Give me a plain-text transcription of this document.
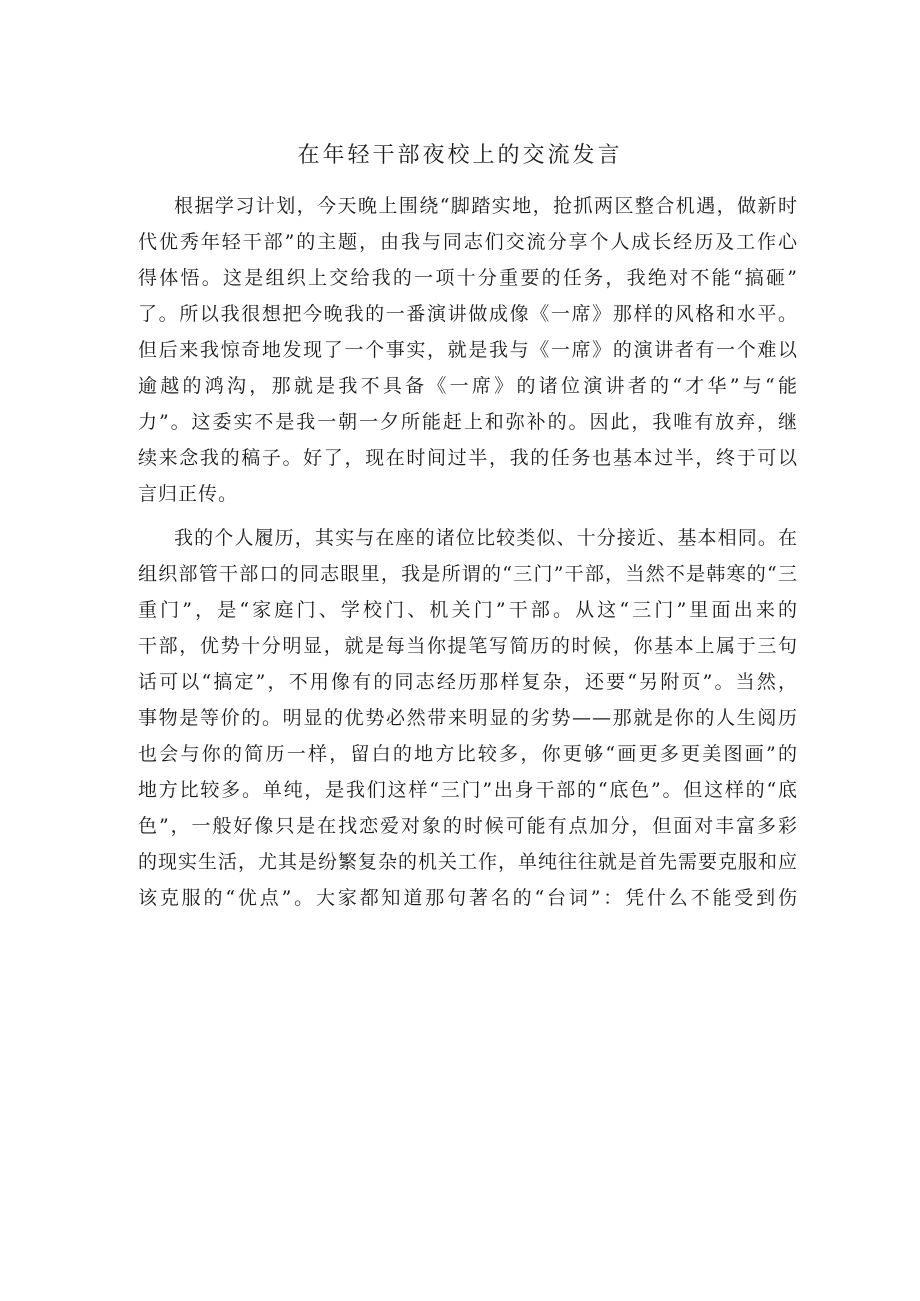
在年轻干部夜校上的交流发言
根据学习计划，今天晚上围绕“脚踏实地，抢抓两区整合机遇，做新时
代优秀年轻干部”的主题，由我与同志们交流分享个人成长经历及工作心
得体悟。这是组织上交给我的一项十分重要的任务，我绝对不能“搞砸”
了。所以我很想把今晚我的一番演讲做成像《一席》那样的风格和水平。
但后来我惊奇地发现了一个事实，就是我与《一席》的演讲者有一个难以
逾越的鸿沟，那就是我不具备《一席》的诸位演讲者的“才华”与“能
力”。这委实不是我一朝一夕所能赶上和弥补的。因此，我唯有放弃，继
续来念我的稿子。好了，现在时间过半，我的任务也基本过半，终于可以
言归正传。
我的个人履历，其实与在座的诸位比较类似、十分接近、基本相同。在
组织部管干部口的同志眼里，我是所谓的“三门”干部，当然不是韩寒的“三
重门”，是“家庭门、学校门、机关门”干部。从这“三门”里面出来的
干部，优势十分明显，就是每当你提笔写简历的时候，你基本上属于三句
话可以“搞定”，不用像有的同志经历那样复杂，还要“另附页”。当然，
事物是等价的。明显的优势必然带来明显的劣势——那就是你的人生阅历
也会与你的简历一样，留白的地方比较多，你更够“画更多更美图画”的
地方比较多。单纯，是我们这样“三门”出身干部的“底色”。但这样的“底
色”，一般好像只是在找恋爱对象的时候可能有点加分，但面对丰富多彩
的现实生活，尤其是纷繁复杂的机关工作，单纯往往就是首先需要克服和应
该克服的“优点”。大家都知道那句著名的“台词”：凭什么不能受到伤
